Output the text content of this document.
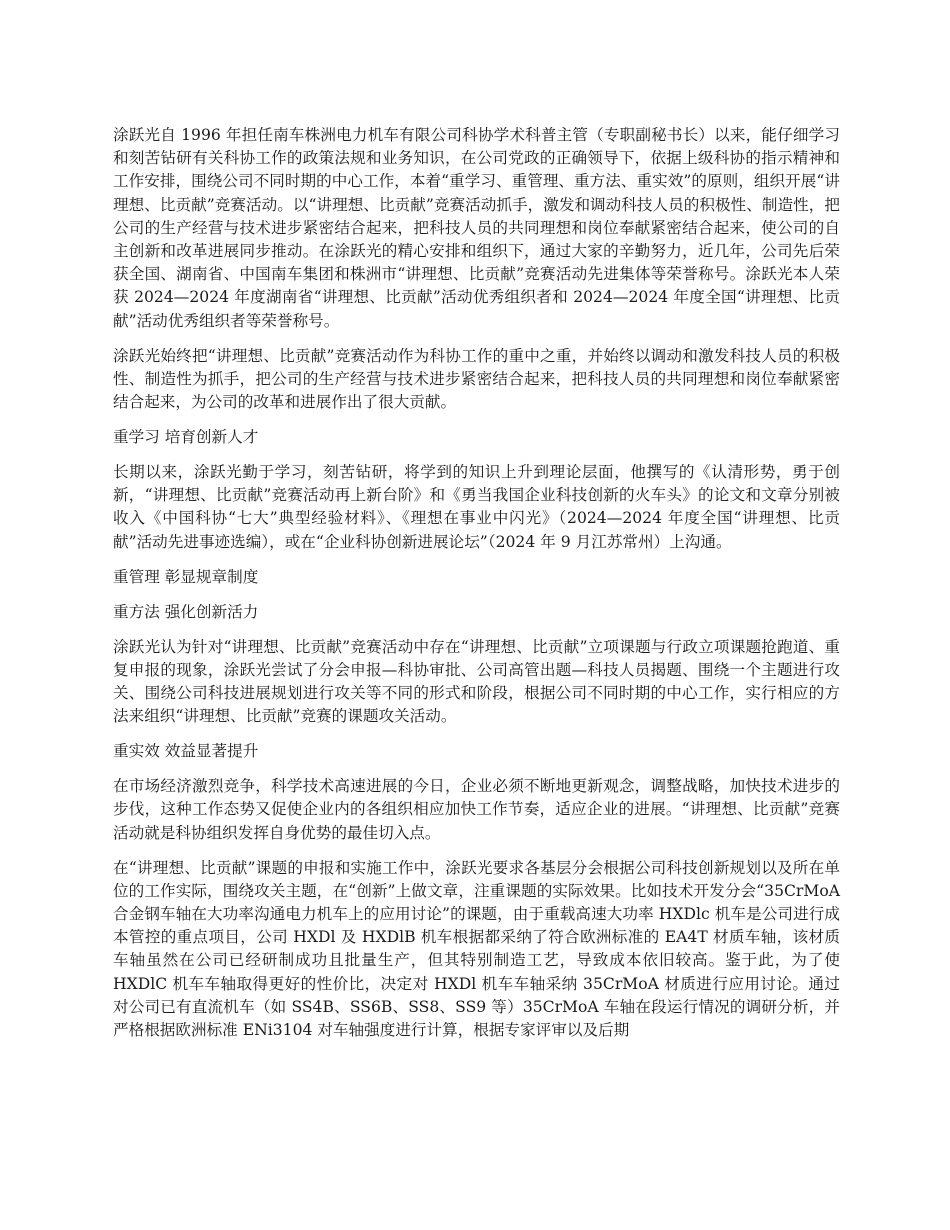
涂跃光自 1996 年担任南车株洲电力机车有限公司科协学术科普主管（专职副秘书长）以来，能仔细学习和刻苦钻研有关科协工作的政策法规和业务知识，在公司党政的正确领导下，依据上级科协的指示精神和工作安排，围绕公司不同时期的中心工作，本着“重学习、重管理、重方法、重实效”的原则，组织开展“讲理想、比贡献”竞赛活动。以“讲理想、比贡献”竞赛活动抓手，激发和调动科技人员的积极性、制造性，把公司的生产经营与技术进步紧密结合起来，把科技人员的共同理想和岗位奉献紧密结合起来，使公司的自主创新和改革进展同步推动。在涂跃光的精心安排和组织下，通过大家的辛勤努力，近几年，公司先后荣获全国、湖南省、中国南车集团和株洲市“讲理想、比贡献”竞赛活动先进集体等荣誉称号。涂跃光本人荣获 2024—2024 年度湖南省“讲理想、比贡献”活动优秀组织者和 2024—2024 年度全国“讲理想、比贡献”活动优秀组织者等荣誉称号。

涂跃光始终把“讲理想、比贡献”竞赛活动作为科协工作的重中之重，并始终以调动和激发科技人员的积极性、制造性为抓手，把公司的生产经营与技术进步紧密结合起来，把科技人员的共同理想和岗位奉献紧密结合起来，为公司的改革和进展作出了很大贡献。

重学习 培育创新人才

长期以来，涂跃光勤于学习，刻苦钻研，将学到的知识上升到理论层面，他撰写的《认清形势，勇于创新，“讲理想、比贡献”竞赛活动再上新台阶》和《勇当我国企业科技创新的火车头》的论文和文章分别被收入《中国科协“七大”典型经验材料》、《理想在事业中闪光》（2024—2024 年度全国“讲理想、比贡献”活动先进事迹选编），或在“企业科协创新进展论坛”（2024 年 9 月江苏常州）上沟通。

重管理 彰显规章制度

重方法 强化创新活力

涂跃光认为针对“讲理想、比贡献”竞赛活动中存在“讲理想、比贡献”立项课题与行政立项课题抢跑道、重复申报的现象，涂跃光尝试了分会申报—科协审批、公司高管出题—科技人员揭题、围绕一个主题进行攻关、围绕公司科技进展规划进行攻关等不同的形式和阶段，根据公司不同时期的中心工作，实行相应的方法来组织“讲理想、比贡献”竞赛的课题攻关活动。

重实效 效益显著提升

在市场经济激烈竞争，科学技术高速进展的今日，企业必须不断地更新观念，调整战略，加快技术进步的步伐，这种工作态势又促使企业内的各组织相应加快工作节奏，适应企业的进展。“讲理想、比贡献”竞赛活动就是科协组织发挥自身优势的最佳切入点。

在“讲理想、比贡献”课题的申报和实施工作中，涂跃光要求各基层分会根据公司科技创新规划以及所在单位的工作实际，围绕攻关主题，在“创新”上做文章，注重课题的实际效果。比如技术开发分会“35CrMoA 合金钢车轴在大功率沟通电力机车上的应用讨论”的课题，由于重载高速大功率 HXDlc 机车是公司进行成本管控的重点项目，公司 HXDl 及 HXDlB 机车根据都采纳了符合欧洲标准的 EA4T 材质车轴，该材质车轴虽然在公司已经研制成功且批量生产，但其特别制造工艺，导致成本依旧较高。鉴于此，为了使 HXDlC 机车车轴取得更好的性价比，决定对 HXDl 机车车轴采纳 35CrMoA 材质进行应用讨论。通过对公司已有直流机车（如 SS4B、SS6B、SS8、SS9 等）35CrMoA 车轴在段运行情况的调研分析，并严格根据欧洲标准 ENi3104 对车轴强度进行计算，根据专家评审以及后期
